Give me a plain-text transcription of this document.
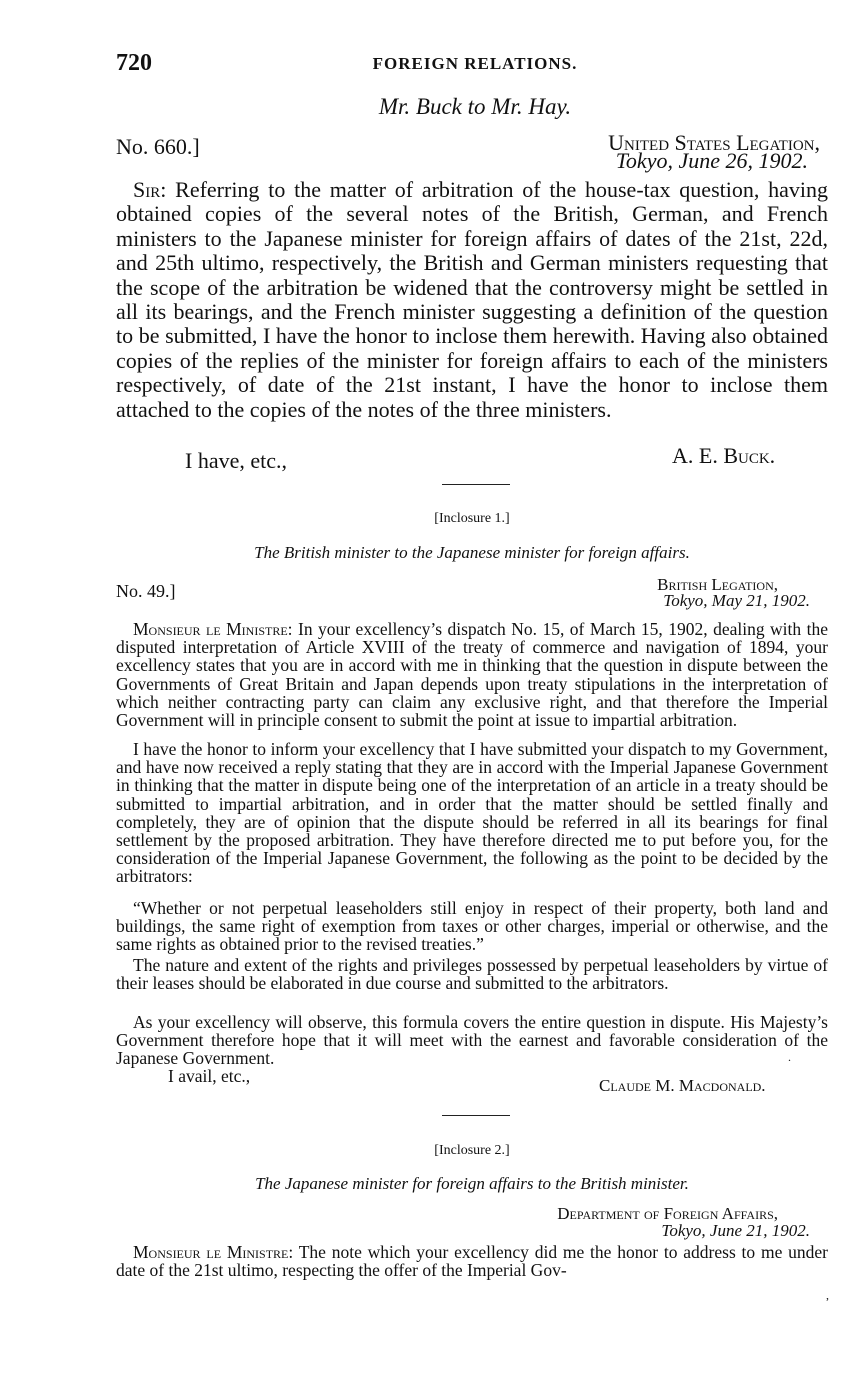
720	FOREIGN RELATIONS.
Mr. Buck to Mr. Hay.
No. 660.]	United States Legation,
Tokyo, June 26, 1902.
Sir: Referring to the matter of arbitration of the house-tax question, having obtained copies of the several notes of the British, German, and French ministers to the Japanese minister for foreign affairs of dates of the 21st, 22d, and 25th ultimo, respectively, the British and German ministers requesting that the scope of the arbitration be widened that the controversy might be settled in all its bearings, and the French minister suggesting a definition of the question to be submitted, I have the honor to inclose them herewith. Having also obtained copies of the replies of the minister for foreign affairs to each of the ministers respectively, of date of the 21st instant, I have the honor to inclose them attached to the copies of the notes of the three ministers.
I have, etc.,	A. E. Buck.
[Inclosure 1.]
The British minister to the Japanese minister for foreign affairs.
No. 49.]	British Legation,
Tokyo, May 21, 1902.
Monsieur le Ministre: In your excellency’s dispatch No. 15, of March 15, 1902, dealing with the disputed interpretation of Article XVIII of the treaty of commerce and navigation of 1894, your excellency states that you are in accord with me in thinking that the question in dispute between the Governments of Great Britain and Japan depends upon treaty stipulations in the interpretation of which neither contracting party can claim any exclusive right, and that therefore the Imperial Government will in principle consent to submit the point at issue to impartial arbitration.
I have the honor to inform your excellency that I have submitted your dispatch to my Government, and have now received a reply stating that they are in accord with the Imperial Japanese Government in thinking that the matter in dispute being one of the interpretation of an article in a treaty should be submitted to impartial arbitration, and in order that the matter should be settled finally and completely, they are of opinion that the dispute should be referred in all its bearings for final settlement by the proposed arbitration. They have therefore directed me to put before you, for the consideration of the Imperial Japanese Government, the following as the point to be decided by the arbitrators:
“Whether or not perpetual leaseholders still enjoy in respect of their property, both land and buildings, the same right of exemption from taxes or other charges, imperial or otherwise, and the same rights as obtained prior to the revised treaties.”
The nature and extent of the rights and privileges possessed by perpetual leaseholders by virtue of their leases should be elaborated in due course and submitted to the arbitrators.
As your excellency will observe, this formula covers the entire question in dispute. His Majesty’s Government therefore hope that it will meet with the earnest and favorable consideration of the Japanese Government.
I avail, etc.,	Claude M. Macdonald.
[Inclosure 2.]
The Japanese minister for foreign affairs to the British minister.
Department of Foreign Affairs,
Tokyo, June 21, 1902.
Monsieur le Ministre: The note which your excellency did me the honor to address to me under date of the 21st ultimo, respecting the offer of the Imperial Gov-
.
,
